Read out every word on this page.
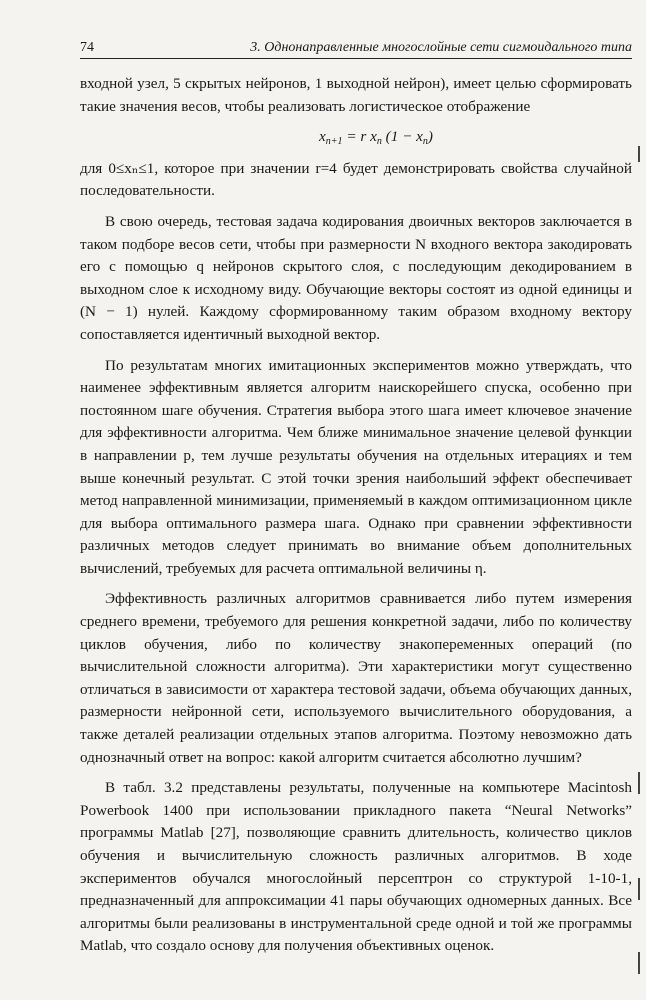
74	3. Однонаправленные многослойные сети сигмоидального типа

входной узел, 5 скрытых нейронов, 1 выходной нейрон), имеет целью сформировать такие значения весов, чтобы реализовать логистическое отображение

$x_{n+1} = r$ $x_n$ $(1 - x_n)$

для 0≤xₙ≤1, которое при значении r=4 будет демонстрировать свойства случайной последовательности.

В свою очередь, тестовая задача кодирования двоичных векторов заключается в таком подборе весов сети, чтобы при размерности N входного вектора закодировать его с помощью q нейронов скрытого слоя, с последующим декодированием в выходном слое к исходному виду. Обучающие векторы состоят из одной единицы и (N − 1) нулей. Каждому сформированному таким образом входному вектору сопоставляется идентичный выходной вектор.

По результатам многих имитационных экспериментов можно утверждать, что наименее эффективным является алгоритм наискорейшего спуска, особенно при постоянном шаге обучения. Стратегия выбора этого шага имеет ключевое значение для эффективности алгоритма. Чем ближе минимальное значение целевой функции в направлении p, тем лучше результаты обучения на отдельных итерациях и тем выше конечный результат. С этой точки зрения наибольший эффект обеспечивает метод направленной минимизации, применяемый в каждом оптимизационном цикле для выбора оптимального размера шага. Однако при сравнении эффективности различных методов следует принимать во внимание объем дополнительных вычислений, требуемых для расчета оптимальной величины η.

Эффективность различных алгоритмов сравнивается либо путем измерения среднего времени, требуемого для решения конкретной задачи, либо по количеству циклов обучения, либо по количеству знакопеременных операций (по вычислительной сложности алгоритма). Эти характеристики могут существенно отличаться в зависимости от характера тестовой задачи, объема обучающих данных, размерности нейронной сети, используемого вычислительного оборудования, а также деталей реализации отдельных этапов алгоритма. Поэтому невозможно дать однозначный ответ на вопрос: какой алгоритм считается абсолютно лучшим?

В табл. 3.2 представлены результаты, полученные на компьютере Macintosh Powerbook 1400 при использовании прикладного пакета “Neural Networks” программы Matlab [27], позволяющие сравнить длительность, количество циклов обучения и вычислительную сложность различных алгоритмов. В ходе экспериментов обучался многослойный персептрон со структурой 1-10-1, предназначенный для аппроксимации 41 пары обучающих одномерных данных. Все алгоритмы были реализованы в инструментальной среде одной и той же программы Matlab, что создало основу для получения объективных оценок.
